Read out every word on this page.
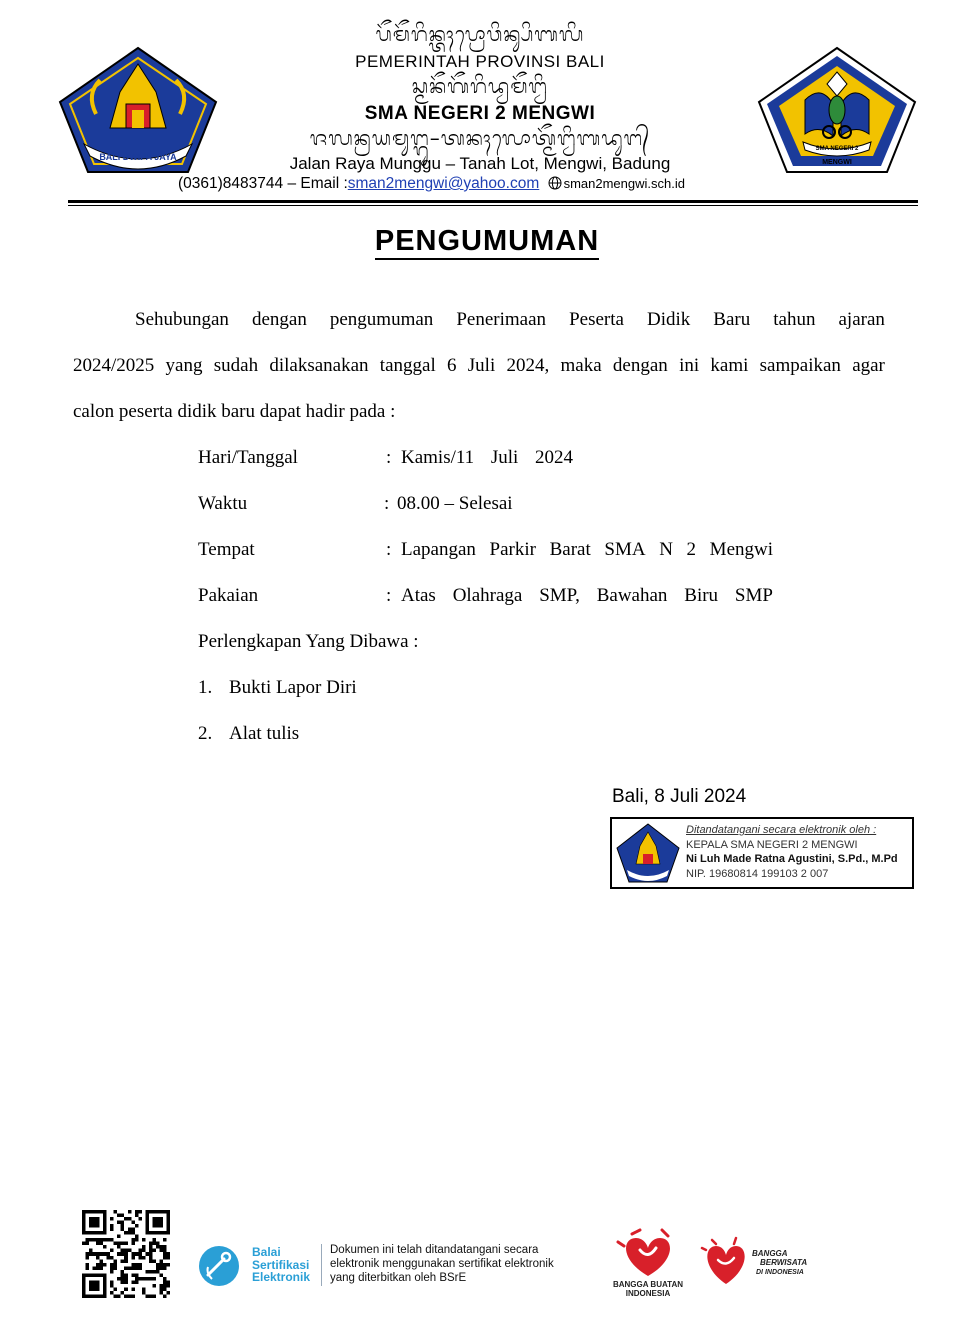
BALI DWIPA JAYA
ᬧᭂᬫᭂᬭᬶᬦ᭄ᬢᬄᬧ᭄ᬭᭀᬯᬶᬦ᭄ᬲᬶᬩᬮᬶ
PEMERINTAH PROVINSI BALI
ᬲ᭄ᬫᬦᭂᬕᭂᬭᬶᬤ᭄ᬯᬫᭂᬗ᭄ᬯᬶ
SMA NEGERI 2 MENGWI
ᬚᬮᬦ᭄ᬭᬬᬫᬸᬗ᭄ᬕᬸ–ᬢᬦᬄᬮᭀᬢ᭄ᬫᭂᬗ᭄ᬯᬶᬩᬤᬸᬗ᭄
Jalan Raya Munggu – Tanah Lot, Mengwi, Badung
(0361)8483744 – Email :sman2mengwi@yahoo.com sman2mengwi.sch.id
SMA NEGERI 2
MENGWI
PENGUMUMAN
Sehubungan dengan pengumuman Penerimaan Peserta Didik Baru tahun ajaran
2024/2025 yang sudah dilaksanakan tanggal 6 Juli 2024, maka dengan ini kami sampaikan agar
calon peserta didik baru dapat hadir pada :
Hari/Tanggal	: Kamis/11 Juli 2024
Waktu	: 08.00 – Selesai
Tempat	: Lapangan Parkir Barat SMA N 2 Mengwi
Pakaian	: Atas Olahraga SMP, Bawahan Biru SMP
Perlengkapan Yang Dibawa :
1. Bukti Lapor Diri
2. Alat tulis
Bali, 8 Juli 2024
Ditandatangani secara elektronik oleh :
KEPALA SMA NEGERI 2 MENGWI
Ni Luh Made Ratna Agustini, S.Pd., M.Pd
NIP. 19680814 199103 2 007
Balai
Sertifikasi
Elektronik
Dokumen ini telah ditandatangani secara
elektronik menggunakan sertifikat elektronik
yang diterbitkan oleh BSrE
BANGGA BUATAN
INDONESIA
BANGGA
BERWISATA
DI INDONESIA
